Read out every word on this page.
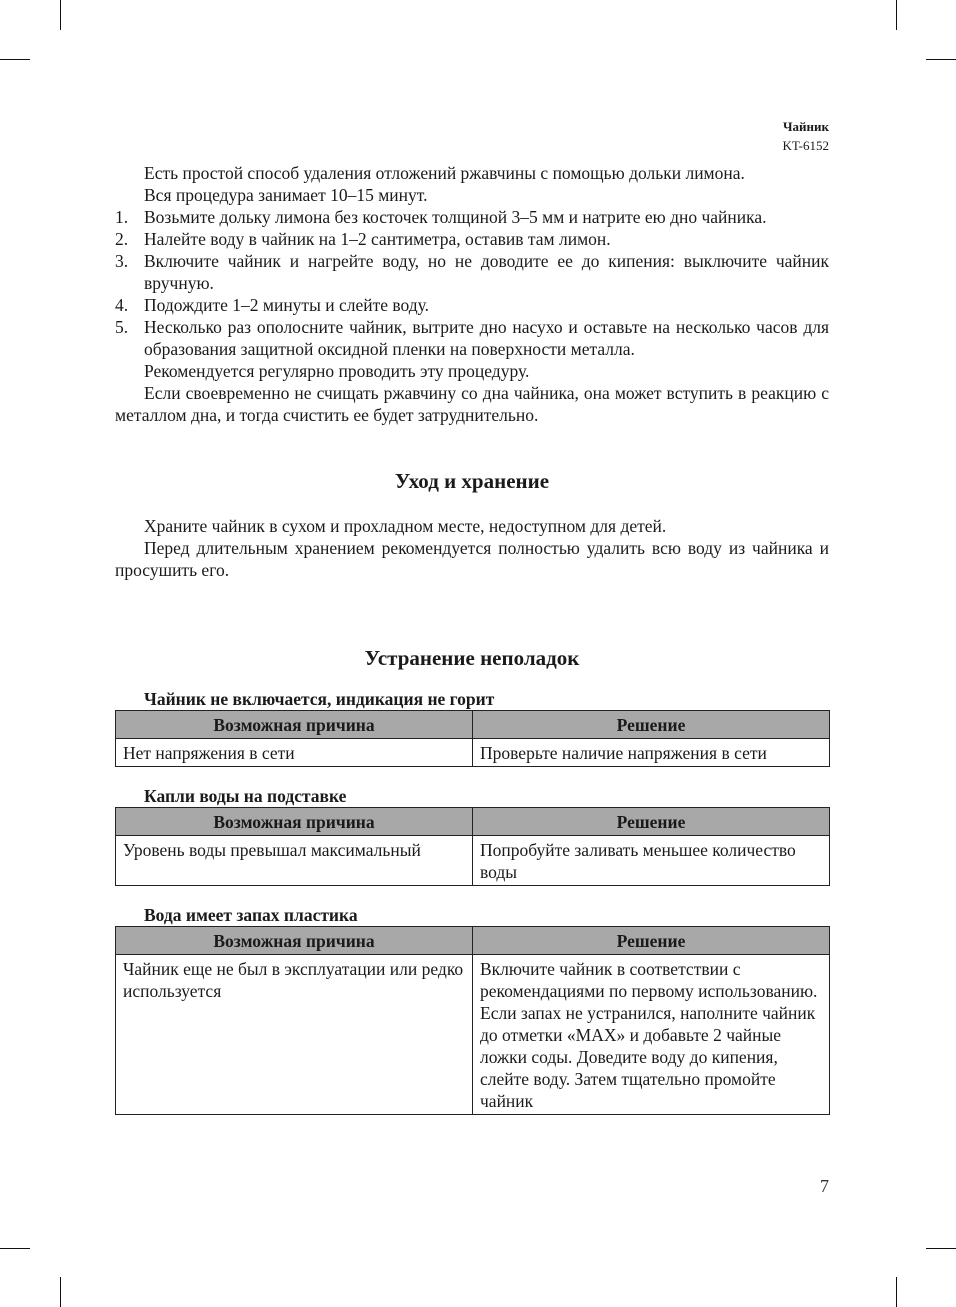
Чайник
KT-6152

Есть простой способ удаления отложений ржавчины с помощью дольки лимона.

Вся процедура занимает 10–15 минут.

1. Возьмите дольку лимона без косточек толщиной 3–5 мм и натрите ею дно чайника.
2. Налейте воду в чайник на 1–2 сантиметра, оставив там лимон.
3. Включите чайник и нагрейте воду, но не доводите ее до кипения: выключите чайник вручную.
4. Подождите 1–2 минуты и слейте воду.
5. Несколько раз ополосните чайник, вытрите дно насухо и оставьте на несколько часов для образования защитной оксидной пленки на поверхности металла.

Рекомендуется регулярно проводить эту процедуру.

Если своевременно не счищать ржавчину со дна чайника, она может вступить в реакцию с металлом дна, и тогда счистить ее будет затруднительно.

Уход и хранение

Храните чайник в сухом и прохладном месте, недоступном для детей.

Перед длительным хранением рекомендуется полностью удалить всю воду из чайника и просушить его.

Устранение неполадок

Чайник не включается, индикация не горит

Возможная причина	Решение
Нет напряжения в сети	Проверьте наличие напряжения в сети

Капли воды на подставке

Возможная причина	Решение
Уровень воды превышал максимальный	Попробуйте заливать меньшее количество воды

Вода имеет запах пластика

Возможная причина	Решение
Чайник еще не был в эксплуатации или редко используется	Включите чайник в соответствии с рекомендациями по первому использованию. Если запах не устранился, наполните чайник до отметки «MAX» и добавьте 2 чайные ложки соды. Доведите воду до кипения, слейте воду. Затем тщательно промойте чайник
7
